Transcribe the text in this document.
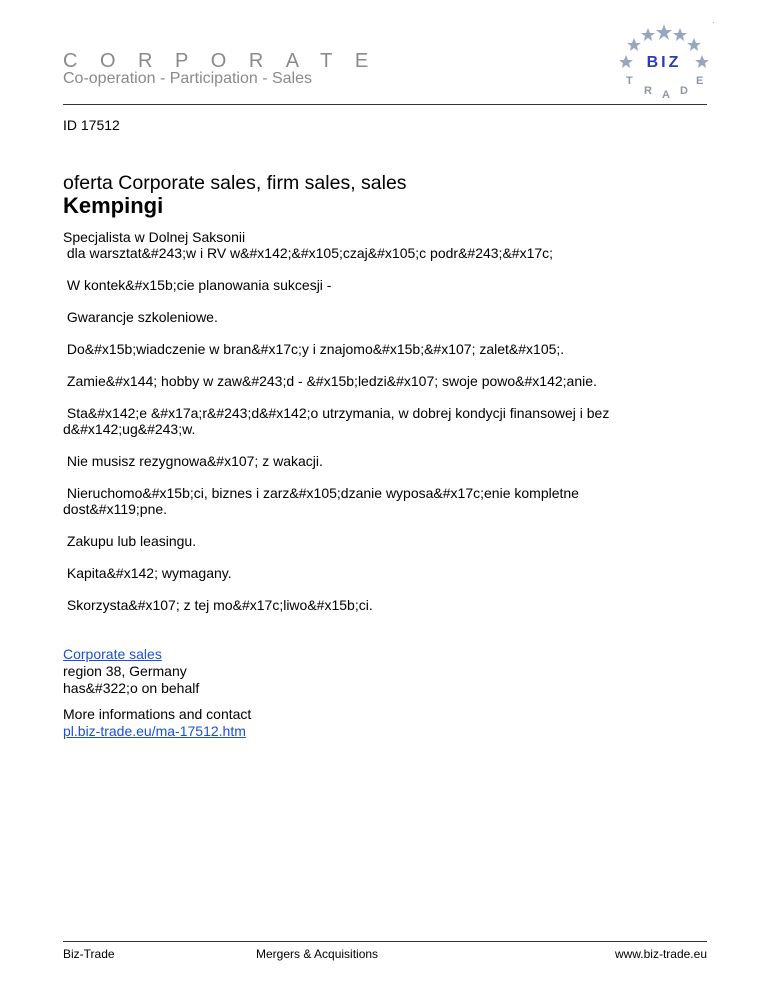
CORPORATE
Co-operation - Participation - Sales
·
BIZ
T
R A D
E
ID 17512
oferta Corporate sales, firm sales, sales
Kempingi

Specjalista w Dolnej Saksonii
dla warsztat&#243;w i RV w&#x142;&#x105;czaj&#x105;c podr&#243;&#x17c;

W kontek&#x15b;cie planowania sukcesji -

Gwarancje szkoleniowe.

Do&#x15b;wiadczenie w bran&#x17c;y i znajomo&#x15b;&#x107; zalet&#x105;.

Zamie&#x144; hobby w zaw&#243;d - &#x15b;ledzi&#x107; swoje powo&#x142;anie.

Sta&#x142;e &#x17a;r&#243;d&#x142;o utrzymania, w dobrej kondycji finansowej i bez
d&#x142;ug&#243;w.

Nie musisz rezygnowa&#x107; z wakacji.

Nieruchomo&#x15b;ci, biznes i zarz&#x105;dzanie wyposa&#x17c;enie kompletne
dost&#x119;pne.

Zakupu lub leasingu.

Kapita&#x142; wymagany.

Skorzysta&#x107; z tej mo&#x17c;liwo&#x15b;ci.

Corporate sales
region 38, Germany
has&#322;o on behalf
More informations and contact
pl.biz-trade.eu/ma-17512.htm
Biz-Trade	Mergers & Acquisitions	www.biz-trade.eu
